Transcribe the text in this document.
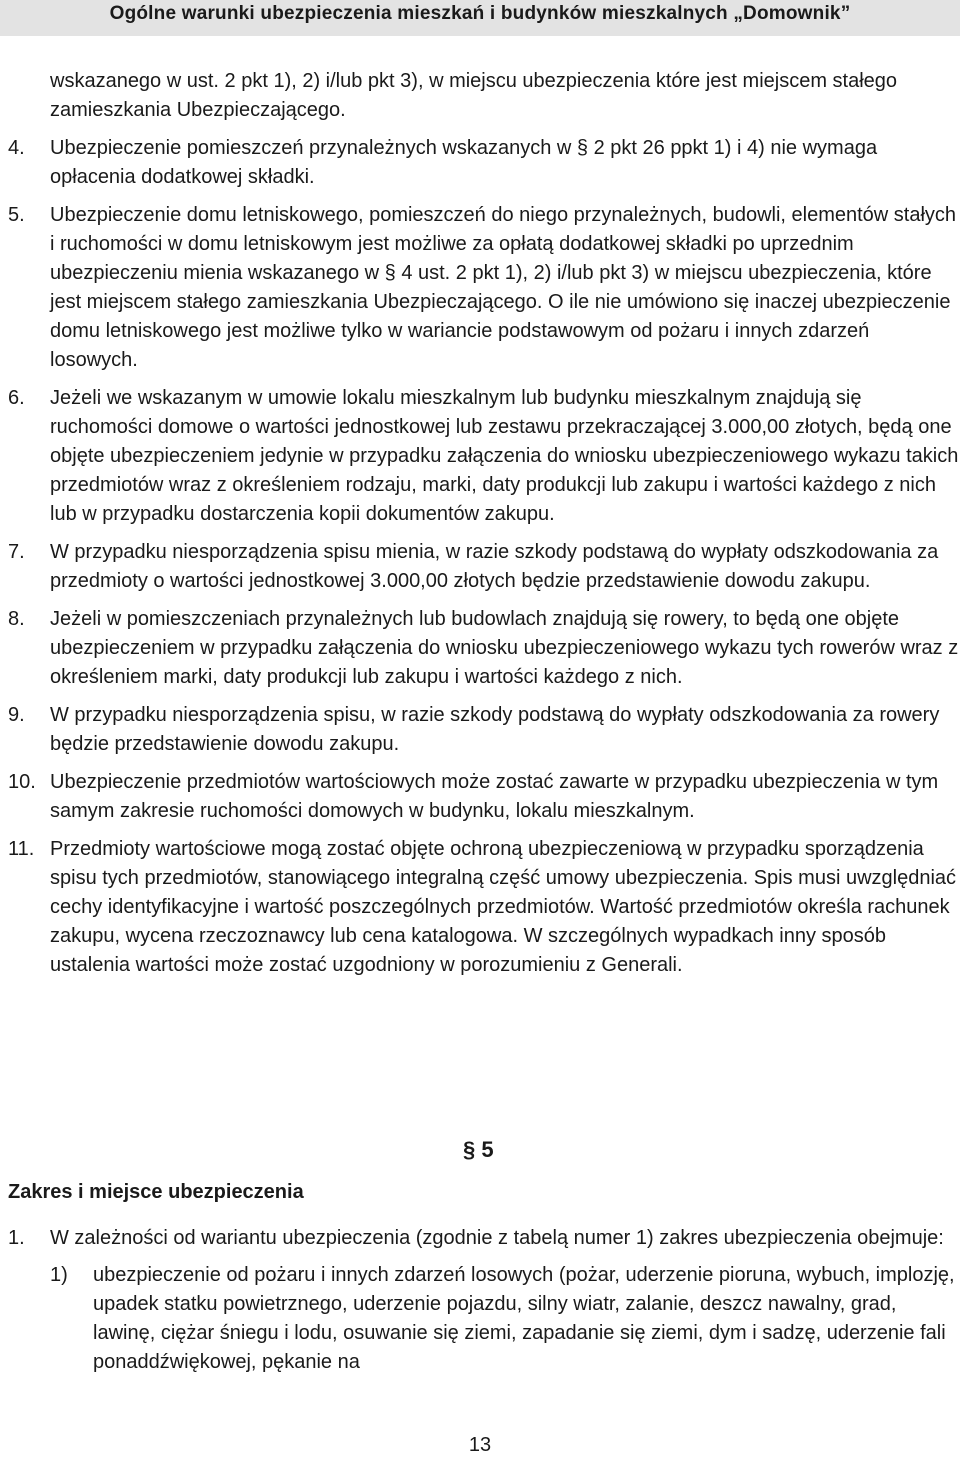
Ogólne warunki ubezpieczenia mieszkań i budynków mieszkalnych „Domownik”

wskazanego w ust. 2 pkt 1), 2) i/lub pkt 3), w miejscu ubezpieczenia które jest miejscem stałego zamieszkania Ubezpieczającego.

4. Ubezpieczenie pomieszczeń przynależnych wskazanych w § 2 pkt 26 ppkt 1) i 4) nie wymaga opłacenia dodatkowej składki.
5. Ubezpieczenie domu letniskowego, pomieszczeń do niego przynależnych, budowli, elementów stałych i ruchomości w domu letniskowym jest możliwe za opłatą dodatkowej składki po uprzednim ubezpieczeniu mienia wskazanego w § 4 ust. 2 pkt 1), 2) i/lub pkt 3) w miejscu ubezpieczenia, które jest miejscem stałego zamieszkania Ubezpieczającego. O ile nie umówiono się inaczej ubezpieczenie domu letniskowego jest możliwe tylko w wariancie podstawowym od pożaru i innych zdarzeń losowych.
6. Jeżeli we wskazanym w umowie lokalu mieszkalnym lub budynku mieszkalnym znajdują się ruchomości domowe o wartości jednostkowej lub zestawu przekraczającej 3.000,00 złotych, będą one objęte ubezpieczeniem jedynie w przypadku załączenia do wniosku ubezpieczeniowego wykazu takich przedmiotów wraz z określeniem rodzaju, marki, daty produkcji lub zakupu i wartości każdego z nich lub w przypadku dostarczenia kopii dokumentów zakupu.
7. W przypadku niesporządzenia spisu mienia, w razie szkody podstawą do wypłaty odszkodowania za przedmioty o wartości jednostkowej 3.000,00 złotych będzie przedstawienie dowodu zakupu.
8. Jeżeli w pomieszczeniach przynależnych lub budowlach znajdują się rowery, to będą one objęte ubezpieczeniem w przypadku załączenia do wniosku ubezpieczeniowego wykazu tych rowerów wraz z określeniem marki, daty produkcji lub zakupu i wartości każdego z nich.
9. W przypadku niesporządzenia spisu, w razie szkody podstawą do wypłaty odszkodowania za rowery będzie przedstawienie dowodu zakupu.
10. Ubezpieczenie przedmiotów wartościowych może zostać zawarte w przypadku ubezpieczenia w tym samym zakresie ruchomości domowych w budynku, lokalu mieszkalnym.
11. Przedmioty wartościowe mogą zostać objęte ochroną ubezpieczeniową w przypadku sporządzenia spisu tych przedmiotów, stanowiącego integralną część umowy ubezpieczenia. Spis musi uwzględniać cechy identyfikacyjne i wartość poszczególnych przedmiotów. Wartość przedmiotów określa rachunek zakupu, wycena rzeczoznawcy lub cena katalogowa. W szczególnych wypadkach inny sposób ustalenia wartości może zostać uzgodniony w porozumieniu z Generali.
§ 5
Zakres i miejsce ubezpieczenia
1. W zależności od wariantu ubezpieczenia (zgodnie z tabelą numer 1) zakres ubezpieczenia obejmuje:
1) ubezpieczenie od pożaru i innych zdarzeń losowych (pożar, uderzenie pioruna, wybuch, implozję, upadek statku powietrznego, uderzenie pojazdu, silny wiatr, zalanie, deszcz nawalny, grad, lawinę, ciężar śniegu i lodu, osuwanie się ziemi, zapadanie się ziemi, dym i sadzę, uderzenie fali ponaddźwiękowej, pękanie na
13
